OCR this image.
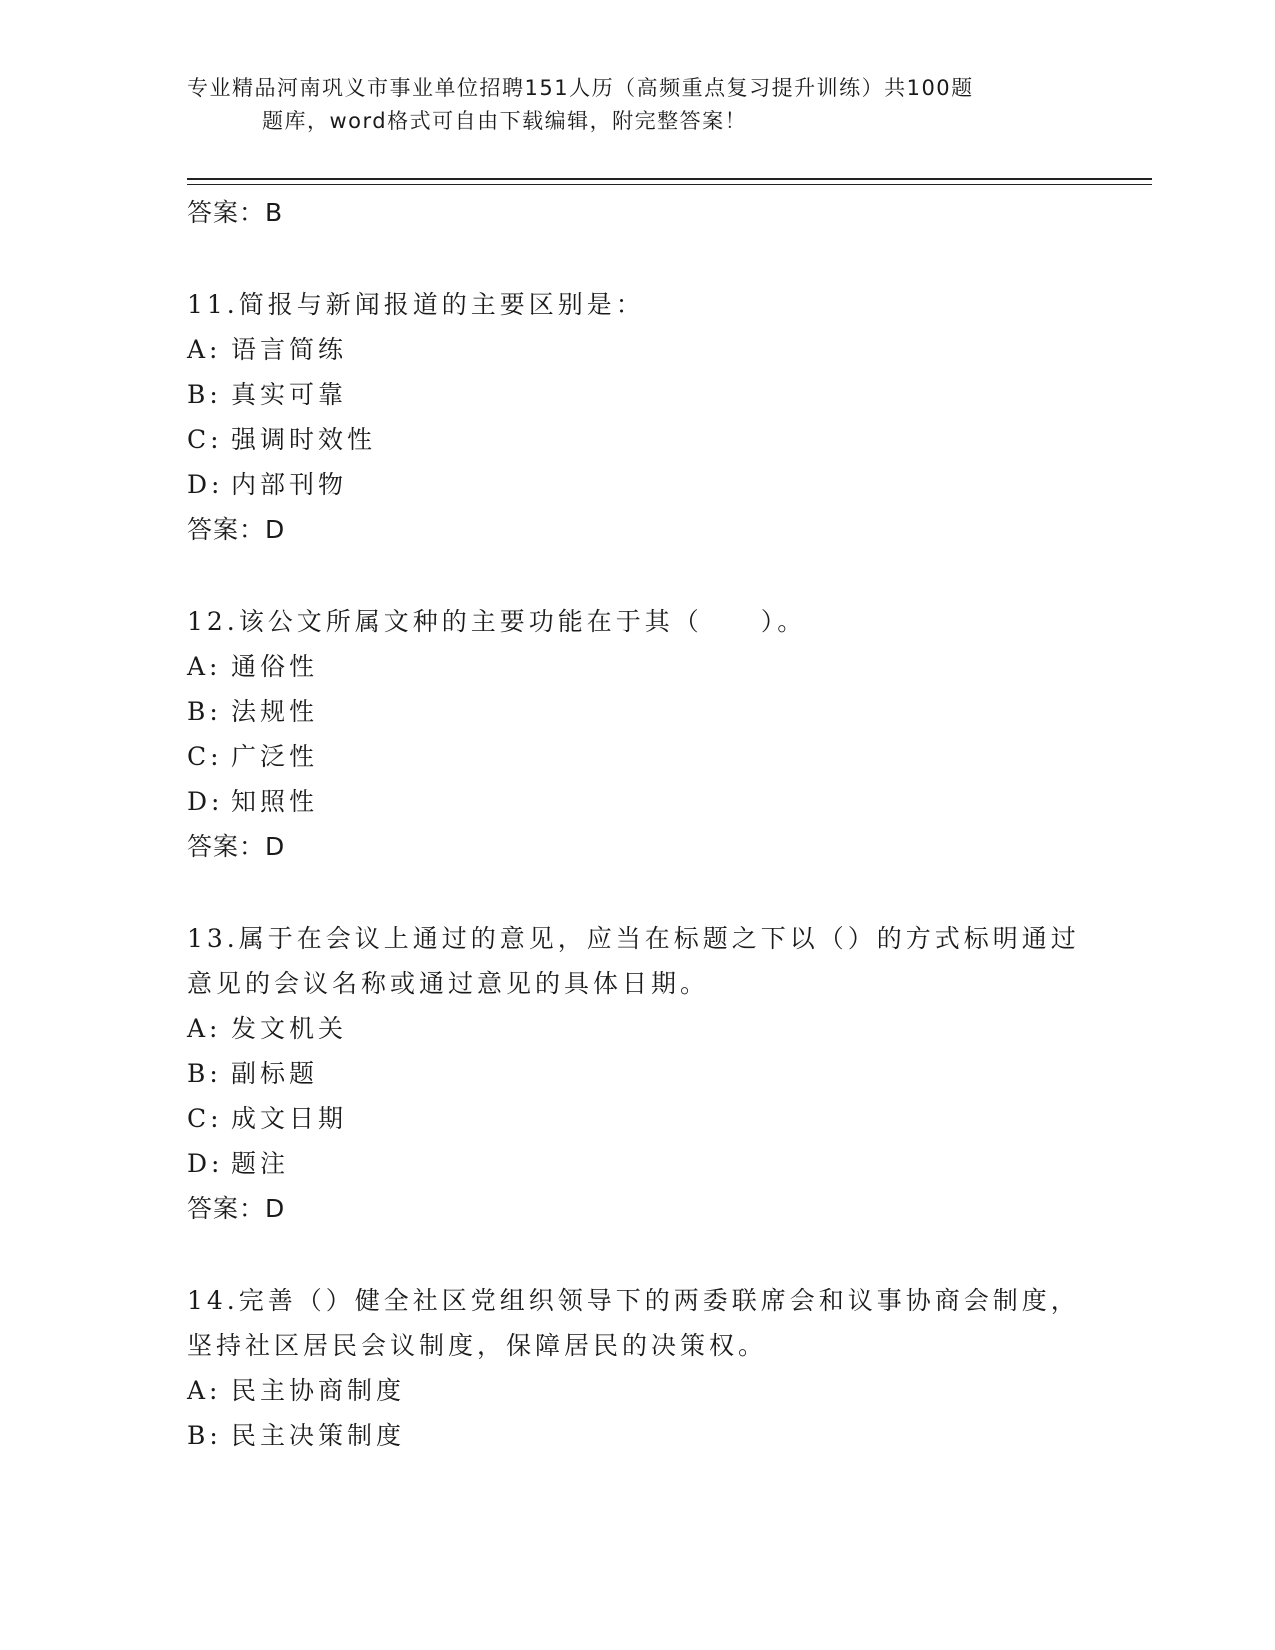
专业精品河南巩义市事业单位招聘151人历（高频重点复习提升训练）共100题
题库，word格式可自由下载编辑，附完整答案！
答案：B
11.简报与新闻报道的主要区别是：
A: 语言简练
B: 真实可靠
C: 强调时效性
D: 内部刊物
答案：D
12.该公文所属文种的主要功能在于其（　　）。
A: 通俗性
B: 法规性
C: 广泛性
D: 知照性
答案：D
13.属于在会议上通过的意见，应当在标题之下以（）的方式标明通过意见的会议名称或通过意见的具体日期。
A: 发文机关
B: 副标题
C: 成文日期
D: 题注
答案：D
14.完善（）健全社区党组织领导下的两委联席会和议事协商会制度，坚持社区居民会议制度，保障居民的决策权。
A: 民主协商制度
B: 民主决策制度
